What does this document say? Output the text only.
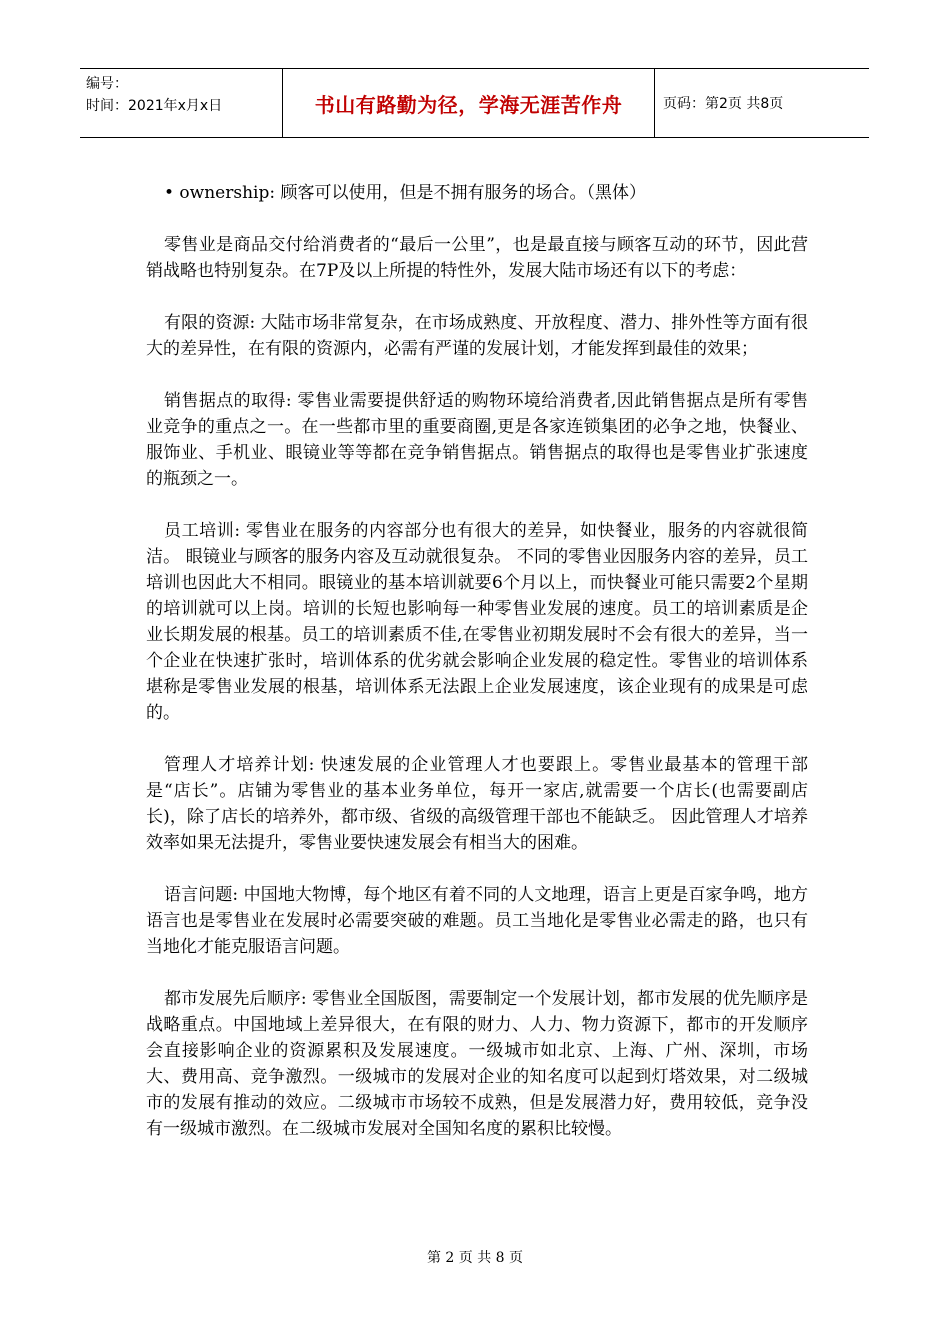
编号：
时间：2021年x月x日	书山有路勤为径，学海无涯苦作舟	页码：第2页 共8页

• ownership: 顾客可以使用，但是不拥有服务的场合。（黑体）

零售业是商品交付给消费者的“最后一公里”，也是最直接与顾客互动的环节，因此营销战略也特别复杂。在7P及以上所提的特性外，发展大陆市场还有以下的考虑：

有限的资源: 大陆市场非常复杂，在市场成熟度、开放程度、潜力、排外性等方面有很大的差异性，在有限的资源内，必需有严谨的发展计划，才能发挥到最佳的效果；

销售据点的取得: 零售业需要提供舒适的购物环境给消费者,因此销售据点是所有零售业竞争的重点之一。在一些都市里的重要商圈,更是各家连锁集团的必争之地，快餐业、服饰业、手机业、眼镜业等等都在竞争销售据点。销售据点的取得也是零售业扩张速度的瓶颈之一。

员工培训: 零售业在服务的内容部分也有很大的差异，如快餐业，服务的内容就很简洁。 眼镜业与顾客的服务内容及互动就很复杂。 不同的零售业因服务内容的差异，员工培训也因此大不相同。眼镜业的基本培训就要6个月以上，而快餐业可能只需要2个星期的培训就可以上岗。培训的长短也影响每一种零售业发展的速度。员工的培训素质是企业长期发展的根基。员工的培训素质不佳,在零售业初期发展时不会有很大的差异，当一个企业在快速扩张时，培训体系的优劣就会影响企业发展的稳定性。零售业的培训体系堪称是零售业发展的根基，培训体系无法跟上企业发展速度，该企业现有的成果是可虑的。

管理人才培养计划: 快速发展的企业管理人才也要跟上。零售业最基本的管理干部是“店长”。店铺为零售业的基本业务单位，每开一家店,就需要一个店长(也需要副店长)，除了店长的培养外，都市级、省级的高级管理干部也不能缺乏。 因此管理人才培养效率如果无法提升，零售业要快速发展会有相当大的困难。

语言问题: 中国地大物博，每个地区有着不同的人文地理，语言上更是百家争鸣，地方语言也是零售业在发展时必需要突破的难题。员工当地化是零售业必需走的路，也只有当地化才能克服语言问题。

都市发展先后顺序: 零售业全国版图，需要制定一个发展计划，都市发展的优先顺序是战略重点。中国地域上差异很大，在有限的财力、人力、物力资源下，都市的开发顺序会直接影响企业的资源累积及发展速度。一级城市如北京、上海、广州、深圳，市场大、费用高、竞争激烈。一级城市的发展对企业的知名度可以起到灯塔效果，对二级城市的发展有推动的效应。二级城市市场较不成熟，但是发展潜力好，费用较低，竞争没有一级城市激烈。在二级城市发展对全国知名度的累积比较慢。

第 2 页 共 8 页
